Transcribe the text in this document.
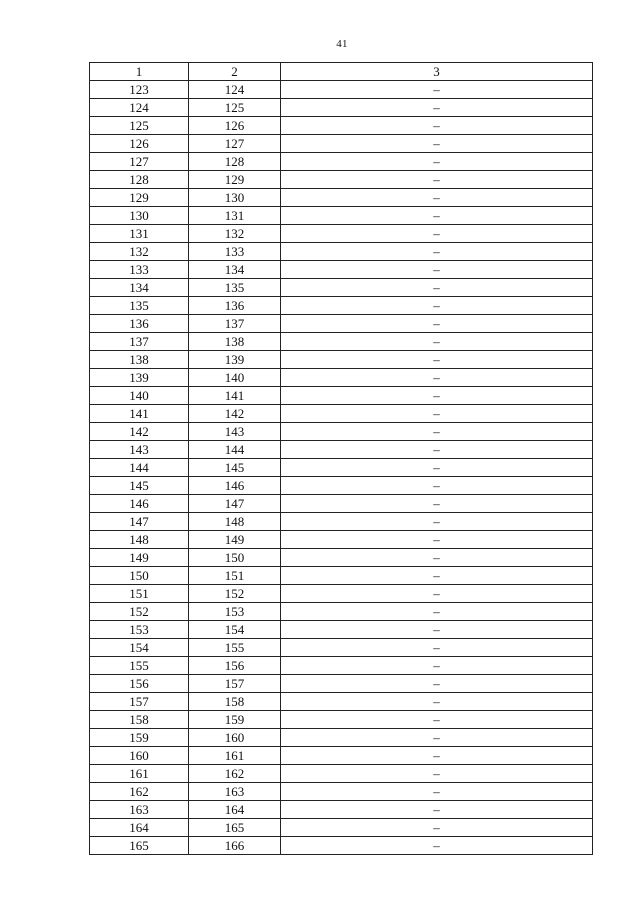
41
1	2	3
123	124	–
124	125	–
125	126	–
126	127	–
127	128	–
128	129	–
129	130	–
130	131	–
131	132	–
132	133	–
133	134	–
134	135	–
135	136	–
136	137	–
137	138	–
138	139	–
139	140	–
140	141	–
141	142	–
142	143	–
143	144	–
144	145	–
145	146	–
146	147	–
147	148	–
148	149	–
149	150	–
150	151	–
151	152	–
152	153	–
153	154	–
154	155	–
155	156	–
156	157	–
157	158	–
158	159	–
159	160	–
160	161	–
161	162	–
162	163	–
163	164	–
164	165	–
165	166	–
